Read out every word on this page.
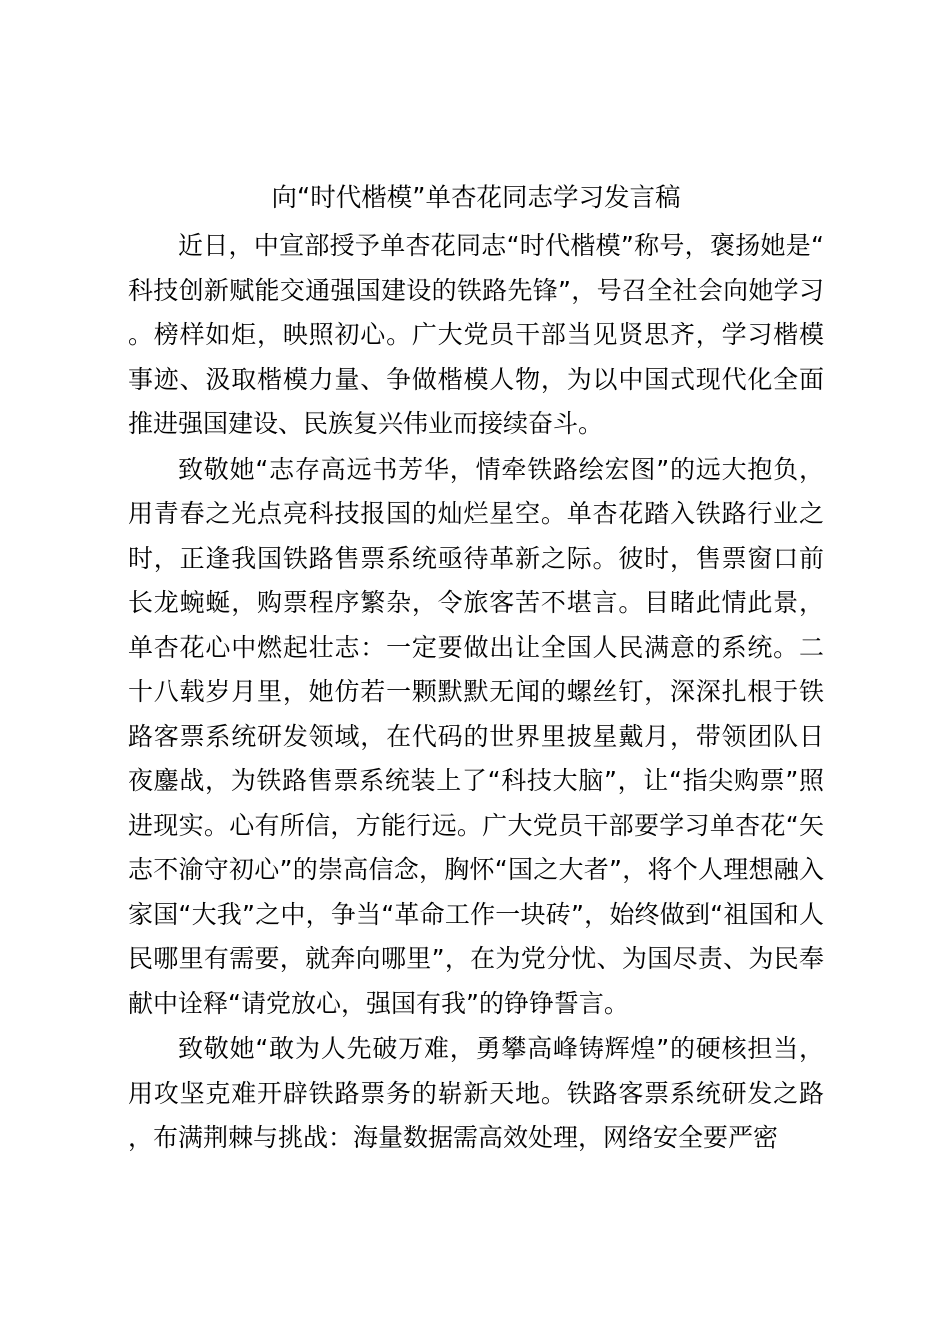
向“时代楷模”单杏花同志学习发言稿

近日，中宣部授予单杏花同志“时代楷模”称号，褒扬她是“科技创新赋能交通强国建设的铁路先锋”，号召全社会向她学习。榜样如炬，映照初心。广大党员干部当见贤思齐，学习楷模事迹、汲取楷模力量、争做楷模人物，为以中国式现代化全面推进强国建设、民族复兴伟业而接续奋斗。

致敬她“志存高远书芳华，情牵铁路绘宏图”的远大抱负，用青春之光点亮科技报国的灿烂星空。单杏花踏入铁路行业之时，正逢我国铁路售票系统亟待革新之际。彼时，售票窗口前长龙蜿蜒，购票程序繁杂，令旅客苦不堪言。目睹此情此景，单杏花心中燃起壮志：一定要做出让全国人民满意的系统。二十八载岁月里，她仿若一颗默默无闻的螺丝钉，深深扎根于铁路客票系统研发领域，在代码的世界里披星戴月，带领团队日夜鏖战，为铁路售票系统装上了“科技大脑”，让“指尖购票”照进现实。心有所信，方能行远。广大党员干部要学习单杏花“矢志不渝守初心”的崇高信念，胸怀“国之大者”，将个人理想融入家国“大我”之中，争当“革命工作一块砖”，始终做到“祖国和人民哪里有需要，就奔向哪里”，在为党分忧、为国尽责、为民奉献中诠释“请党放心，强国有我”的铮铮誓言。

致敬她“敢为人先破万难，勇攀高峰铸辉煌”的硬核担当，用攻坚克难开辟铁路票务的崭新天地。铁路客票系统研发之路，布满荆棘与挑战：海量数据需高效处理，网络安全要严密
